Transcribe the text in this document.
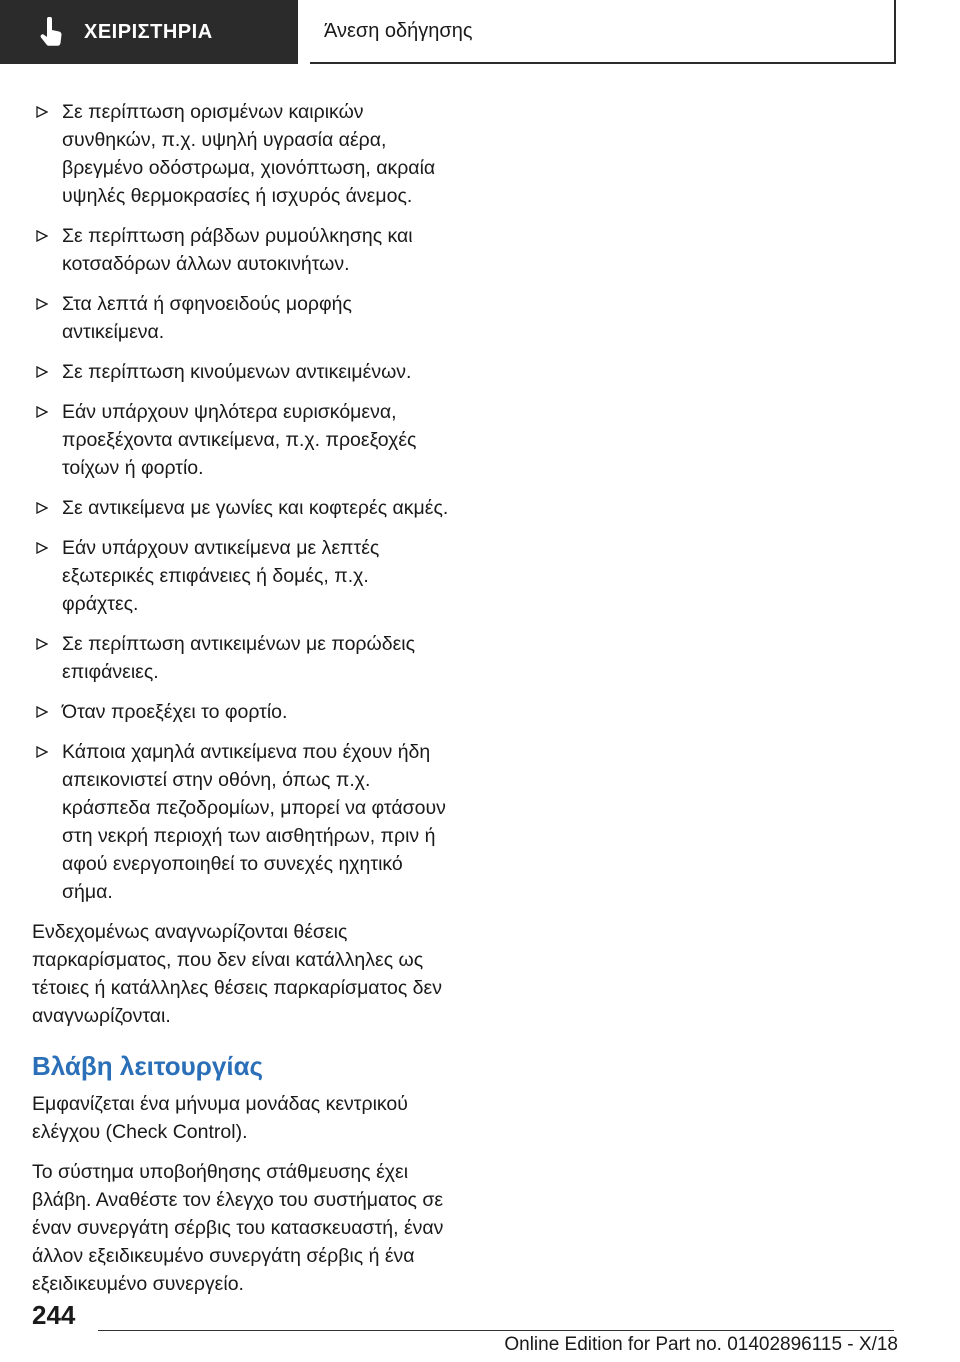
ΧΕΙΡΙΣΤΗΡΙΑ	Άνεση οδήγησης
Σε περίπτωση ορισμένων καιρικών συνθηκών, π.χ. υψηλή υγρασία αέρα, βρεγμένο οδόστρωμα, χιονόπτωση, ακραία υψηλές θερμοκρασίες ή ισχυρός άνεμος.
Σε περίπτωση ράβδων ρυμούλκησης και κοτσαδόρων άλλων αυτοκινήτων.
Στα λεπτά ή σφηνοειδούς μορφής αντικείμενα.
Σε περίπτωση κινούμενων αντικειμένων.
Εάν υπάρχουν ψηλότερα ευρισκόμενα, προεξέχοντα αντικείμενα, π.χ. προεξοχές τοίχων ή φορτίο.
Σε αντικείμενα με γωνίες και κοφτερές ακμές.
Εάν υπάρχουν αντικείμενα με λεπτές εξωτερικές επιφάνειες ή δομές, π.χ. φράχτες.
Σε περίπτωση αντικειμένων με πορώδεις επιφάνειες.
Όταν προεξέχει το φορτίο.
Κάποια χαμηλά αντικείμενα που έχουν ήδη απεικονιστεί στην οθόνη, όπως π.χ. κράσπεδα πεζοδρομίων, μπορεί να φτάσουν στη νεκρή περιοχή των αισθητήρων, πριν ή αφού ενεργοποιηθεί το συνεχές ηχητικό σήμα.

Ενδεχομένως αναγνωρίζονται θέσεις παρκαρίσματος, που δεν είναι κατάλληλες ως τέτοιες ή κατάλληλες θέσεις παρκαρίσματος δεν αναγνωρίζονται.

Βλάβη λειτουργίας

Εμφανίζεται ένα μήνυμα μονάδας κεντρικού ελέγχου (Check Control).

Το σύστημα υποβοήθησης στάθμευσης έχει βλάβη. Αναθέστε τον έλεγχο του συστήματος σε έναν συνεργάτη σέρβις του κατασκευαστή, έναν άλλον εξειδικευμένο συνεργάτη σέρβις ή ένα εξειδικευμένο συνεργείο.

244
Online Edition for Part no. 01402896115 - X/18
